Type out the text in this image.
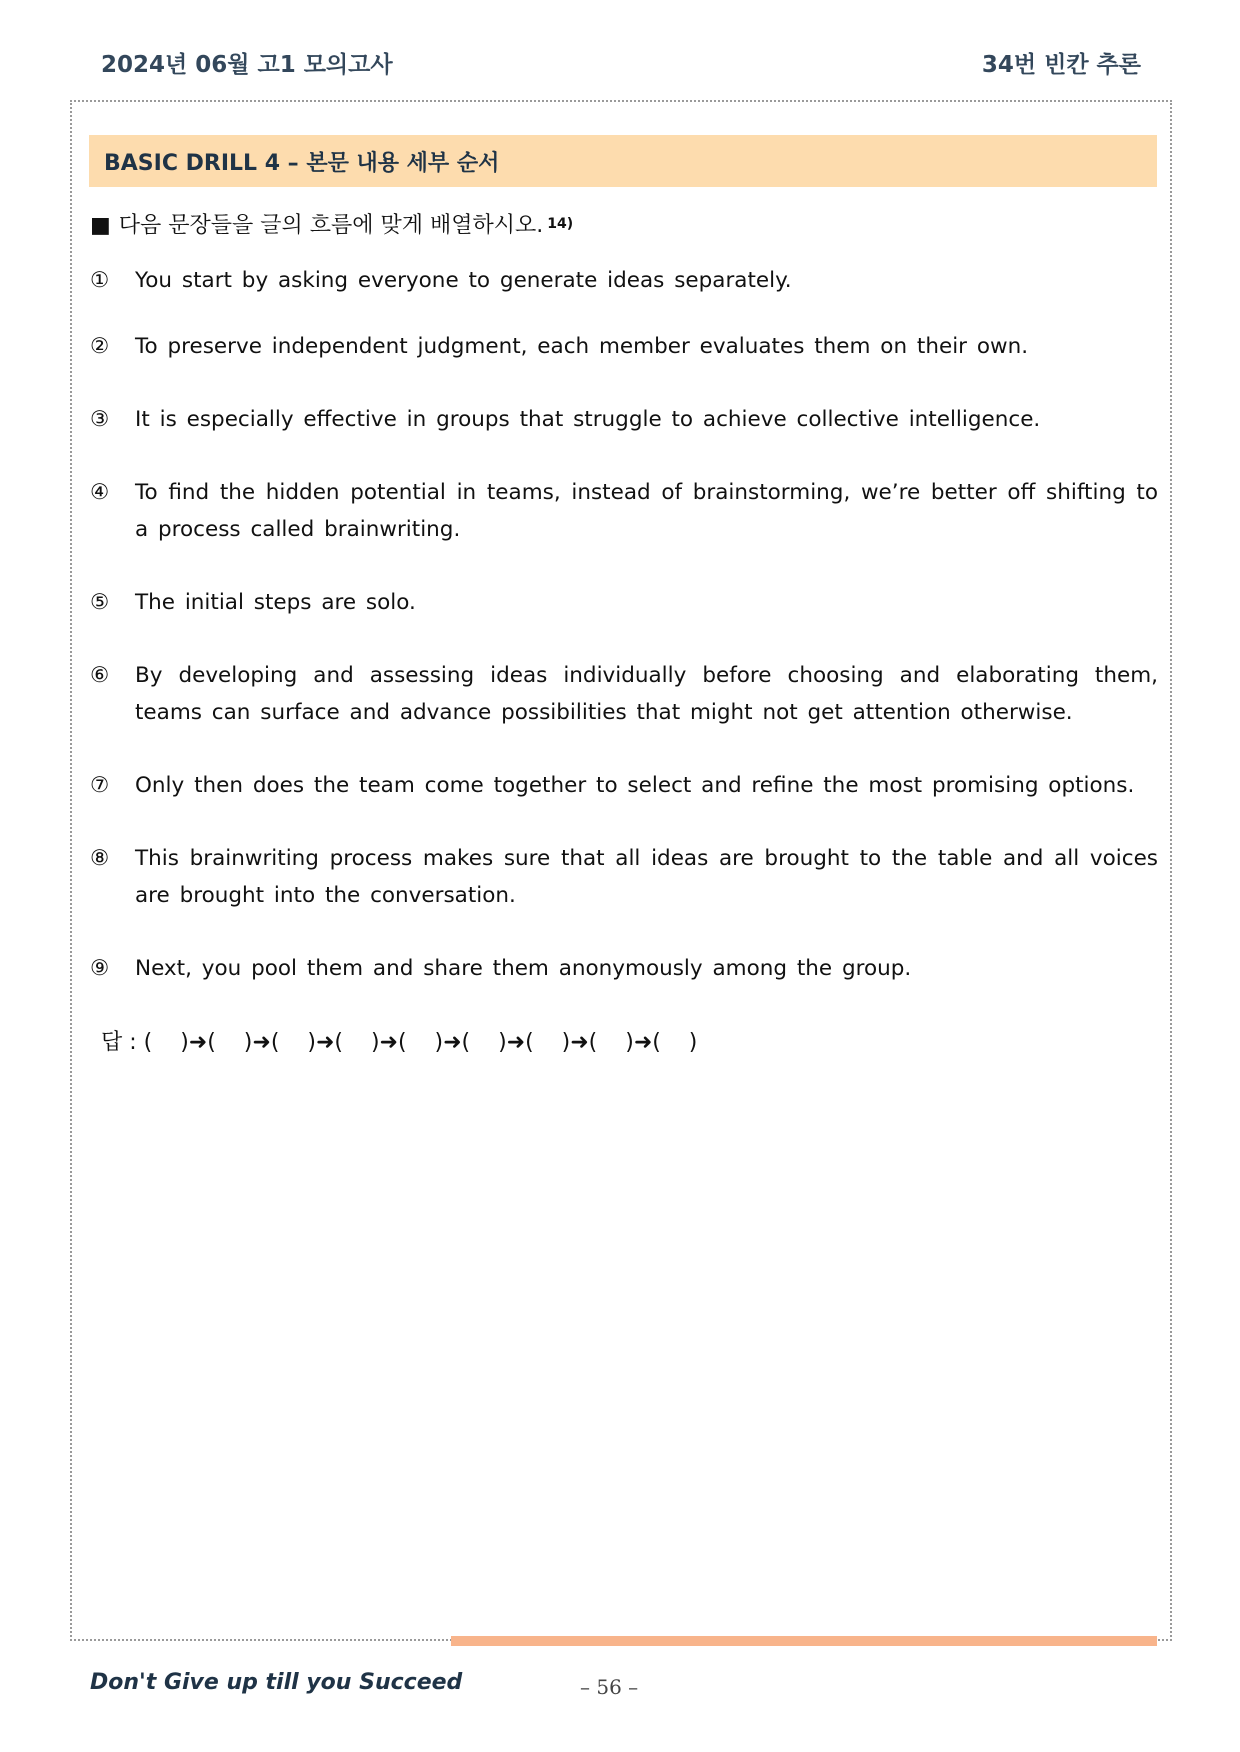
2024년 06월 고1 모의고사	34번 빈칸 추론
BASIC DRILL 4 – 본문 내용 세부 순서
■ 다음 문장들을 글의 흐름에 맞게 배열하시오. $^{14)}$
①	You start by asking everyone to generate ideas separately.
②	To preserve independent judgment, each member evaluates them on their own.
③	It is especially effective in groups that struggle to achieve collective intelligence.
④	To find the hidden potential in teams, instead of brainstorming, we’re better off shifting to a process called brainwriting.
⑤	The initial steps are solo.
⑥	By developing and assessing ideas individually before choosing and elaborating them, teams can surface and advance possibilities that might not get attention otherwise.
⑦	Only then does the team come together to select and refine the most promising options.
⑧	This brainwriting process makes sure that all ideas are brought to the table and all voices are brought into the conversation.
⑨	Next, you pool them and share them anonymously among the group.
답 : (    )➜(    )➜(    )➜(    )➜(    )➜(    )➜(    )➜(    )➜(    )
Don't Give up till you Succeed	– 56 –
